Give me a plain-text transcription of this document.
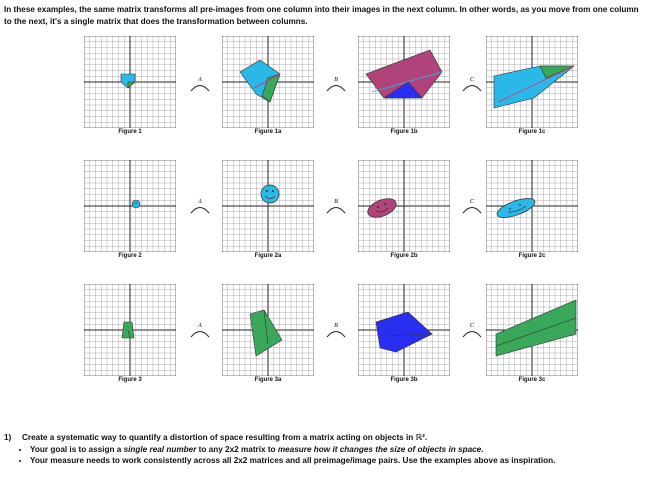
In these examples, the same matrix transforms all pre-images from one column into their images in the next column. In other words, as you move from one column to the next, it's a single matrix that does the transformation between columns.
Figure 1
A
Figure 1a
B
Figure 1b
C
Figure 1c
Figure 2
A
Figure 2a
B
Figure 2b
C
Figure 2c
Figure 3
A
Figure 3a
B
Figure 3b
C
Figure 3c
1) Create a systematic way to quantify a distortion of space resulting from a matrix acting on objects in ℝ².
• Your goal is to assign a single real number to any 2x2 matrix to measure how it changes the size of objects in space.
• Your measure needs to work consistently across all 2x2 matrices and all preimage/image pairs. Use the examples above as inspiration.
